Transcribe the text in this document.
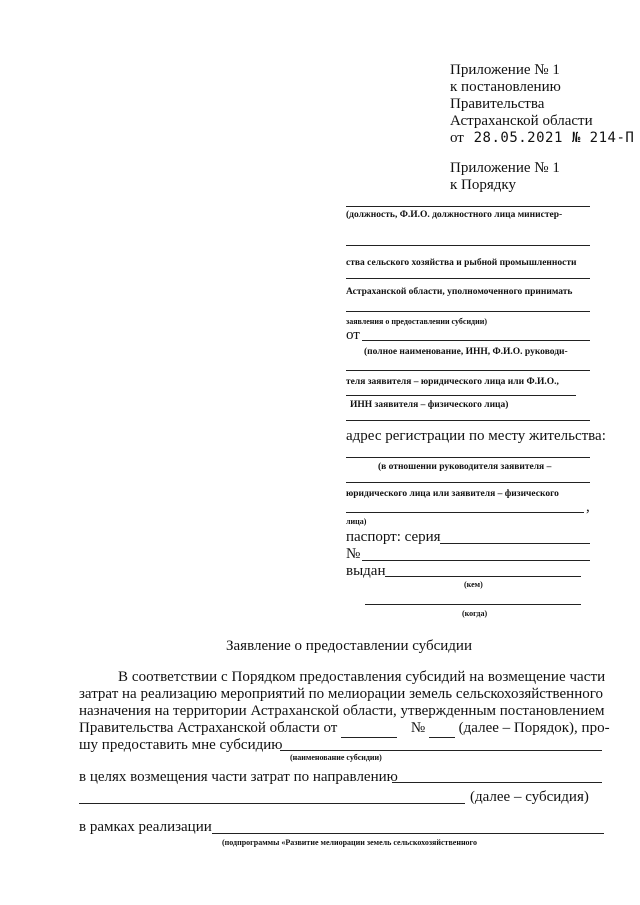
Приложение № 1
к постановлению
Правительства
Астраханской области
от 28.05.2021 № 214-П
Приложение № 1
к Порядку
(должность, Ф.И.О. должностного лица министер-
ства сельского хозяйства и рыбной промышленности
Астраханской области, уполномоченного принимать
заявления о предоставлении субсидии)
от
(полное наименование, ИНН, Ф.И.О. руководи-
теля заявителя – юридического лица или Ф.И.О.,
ИНН заявителя – физического лица)
адрес регистрации по месту жительства:
(в отношении руководителя заявителя –
юридического лица или заявителя – физического
,
лица)
паспорт: серия
№
выдан
(кем)
(когда)
Заявление о предоставлении субсидии
В соответствии с Порядком предоставления субсидий на возмещение части
затрат на реализацию мероприятий по мелиорации земель сельскохозяйственного
назначения на территории Астраханской области, утвержденным постановлением
Правительства Астраханской области от	№ (далее – Порядок), про-
шу предоставить мне субсидию
(наименование субсидии)
в целях возмещения части затрат по направлению
(далее – субсидия)
в рамках реализации
(подпрограммы «Развитие мелиорации земель сельскохозяйственного
